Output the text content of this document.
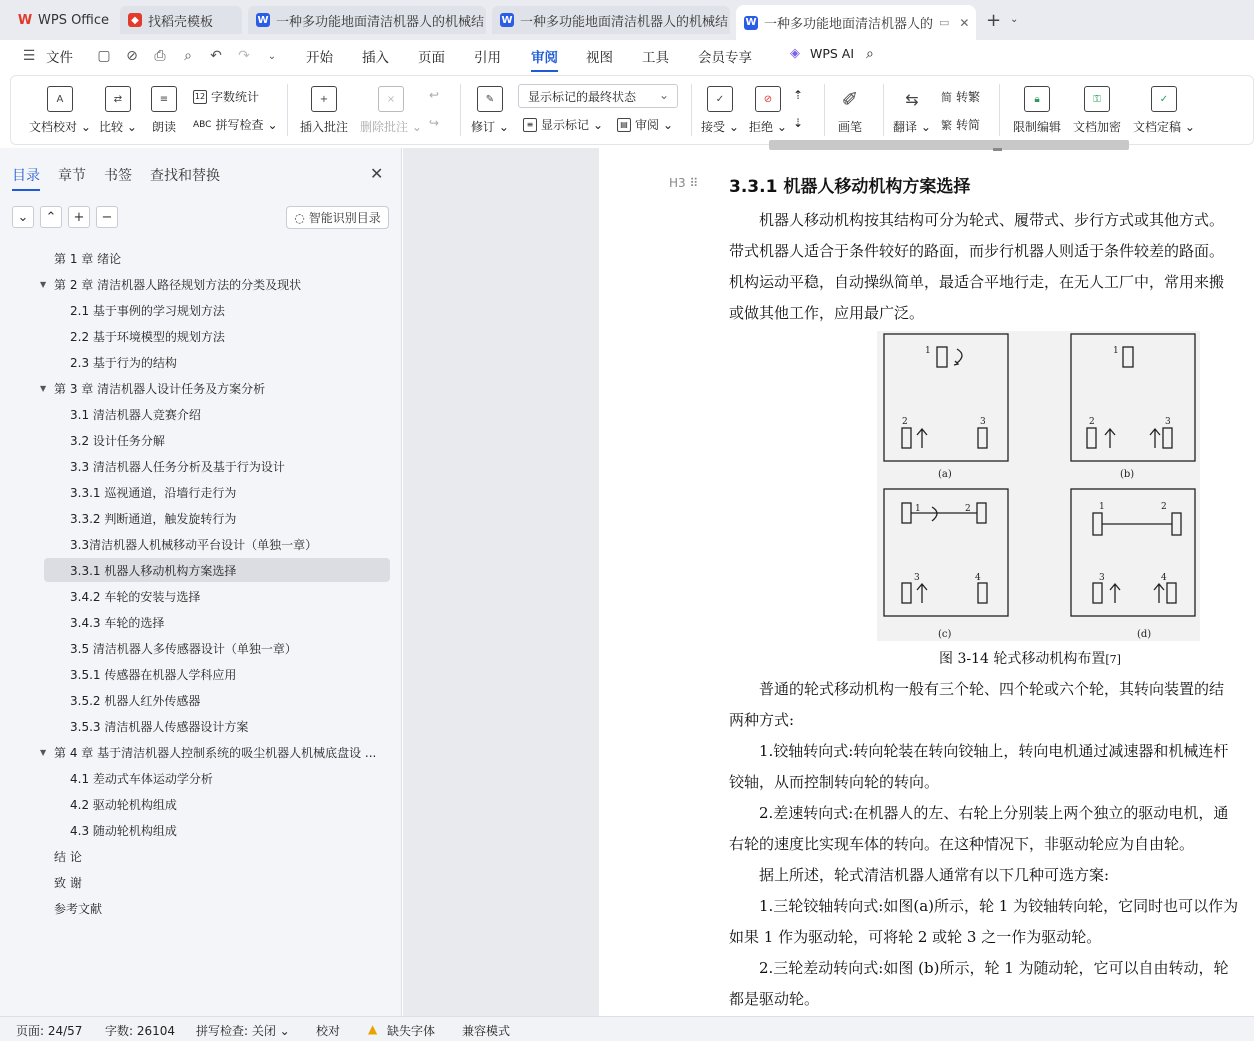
W WPS Office	◆ 找稻壳模板	W 一种多功能地面清洁机器人的机械结 W 一种多功能地面清洁机器人的机械结 W 一种多功能地面清洁机器人的 ▭ ✕ + ⌄
☰ 文件 ▢ ⊘ ⎙	⌕	↶ ↷	⌄	开始 插入 页面 引用 审阅 视图 工具 会员专享	◈ WPS AI ⌕
A
文档校对 ⌄
⇄
比较 ⌄
≡
朗读
12 字数统计
ABC 拼写检查 ⌄
+
插入批注
×
删除批注 ⌄
↩
↪
✎
修订 ⌄
显示标记的最终状态 ⌄
≡ 显示标记 ⌄	▤ 审阅 ⌄
✓
接受 ⌄
⊘
拒绝 ⌄
⇡
⇣
✐
画笔
⇆
翻译 ⌄
简 转繁
繁 转简
🔒︎
限制编辑
⚿
文档加密
✓
文档定稿 ⌄
目录 章节 书签 查找和替换	✕
⌄	⌃	+	−	◌ 智能识别目录
第 1 章 绪论
▼ 第 2 章 清洁机器人路径规划方法的分类及现状
2.1 基于事例的学习规划方法
2.2 基于环境模型的规划方法
2.3 基于行为的结构
▼ 第 3 章 清洁机器人设计任务及方案分析
3.1 清洁机器人竞赛介绍
3.2 设计任务分解
3.3 清洁机器人任务分析及基于行为设计
3.3.1 巡视通道，沿墙行走行为
3.3.2 判断通道，触发旋转行为
3.3清洁机器人机械移动平台设计（单独一章）
3.3.1 机器人移动机构方案选择
3.4.2 车轮的安装与选择
3.4.3 车轮的选择
3.5 清洁机器人多传感器设计（单独一章）
3.5.1 传感器在机器人学科应用
3.5.2 机器人红外传感器
3.5.3 清洁机器人传感器设计方案
▼ 第 4 章 基于清洁机器人控制系统的吸尘机器人机械底盘设 ...
4.1 差动式车体运动学分析
4.2 驱动轮机构组成
4.3 随动轮机构组成
结 论
致 谢
参考文献
H3 ⠿ 3.3.1 机器人移动机构方案选择
　　机器人移动机构按其结构可分为轮式、履带式、步行方式或其他方式。
带式机器人适合于条件较好的路面，而步行机器人则适于条件较差的路面。
机构运动平稳，自动操纵简单，最适合平地行走，在无人工厂中，常用来搬
或做其他工作，应用最广泛。
1	1
2	3	2	3
1	2
3	4
1	2
3	4
(a)	(b)
(c)	(d)
图 3-14 轮式移动机构布置[7]
　　普通的轮式移动机构一般有三个轮、四个轮或六个轮，其转向装置的结
两种方式:
　　1.铰轴转向式:转向轮装在转向铰轴上，转向电机通过减速器和机械连杆
铰轴，从而控制转向轮的转向。
　　2.差速转向式:在机器人的左、右轮上分别装上两个独立的驱动电机，通
右轮的速度比实现车体的转向。在这种情况下，非驱动轮应为自由轮。
　　据上所述，轮式清洁机器人通常有以下几种可选方案:
　　1.三轮铰轴转向式:如图(a)所示，轮 1 为铰轴转向轮，它同时也可以作为
如果 1 作为驱动轮，可将轮 2 或轮 3 之一作为驱动轮。
　　2.三轮差动转向式:如图 (b)所示，轮 1 为随动轮，它可以自由转动，轮
都是驱动轮。
页面: 24/57 字数: 26104 拼写检查: 关闭 ⌄ 校对 ▲ 缺失字体 兼容模式
